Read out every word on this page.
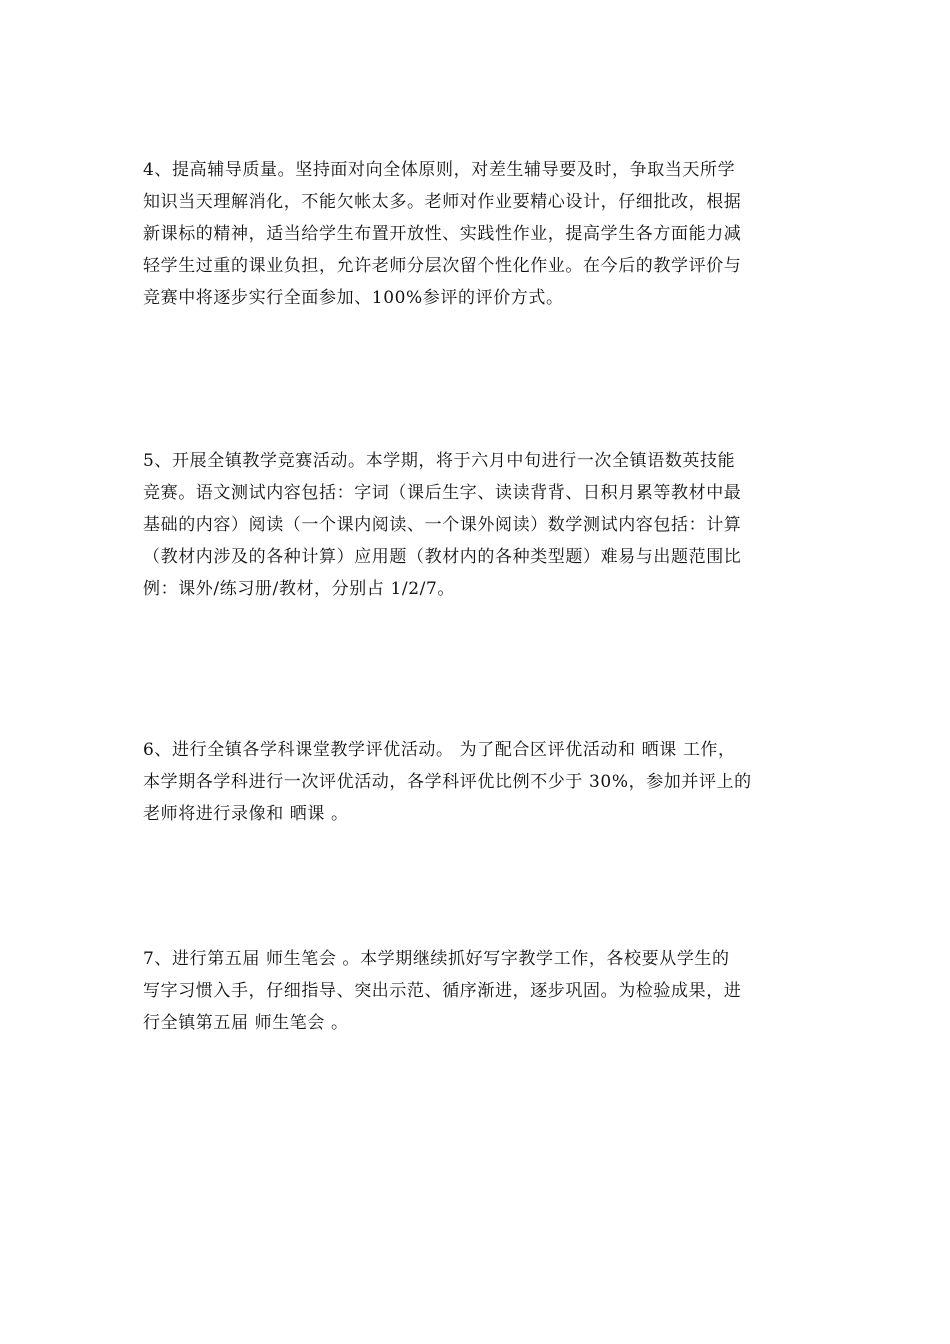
4、提高辅导质量。坚持面对向全体原则，对差生辅导要及时，争取当天所学
知识当天理解消化，不能欠帐太多。老师对作业要精心设计，仔细批改，根据
新课标的精神，适当给学生布置开放性、实践性作业，提高学生各方面能力减
轻学生过重的课业负担，允许老师分层次留个性化作业。在今后的教学评价与
竞赛中将逐步实行全面参加、100%参评的评价方式。
5、开展全镇教学竞赛活动。本学期，将于六月中旬进行一次全镇语数英技能
竞赛。语文测试内容包括：字词（课后生字、读读背背、日积月累等教材中最
基础的内容）阅读（一个课内阅读、一个课外阅读）数学测试内容包括：计算
（教材内涉及的各种计算）应用题（教材内的各种类型题）难易与出题范围比
例：课外/练习册/教材，分别占 1/2/7。
6、进行全镇各学科课堂教学评优活动。 为了配合区评优活动和 晒课 工作，
本学期各学科进行一次评优活动，各学科评优比例不少于 30%，参加并评上的
老师将进行录像和 晒课 。
7、进行第五届 师生笔会 。本学期继续抓好写字教学工作，各校要从学生的
写字习惯入手，仔细指导、突出示范、循序渐进，逐步巩固。为检验成果，进
行全镇第五届 师生笔会 。
